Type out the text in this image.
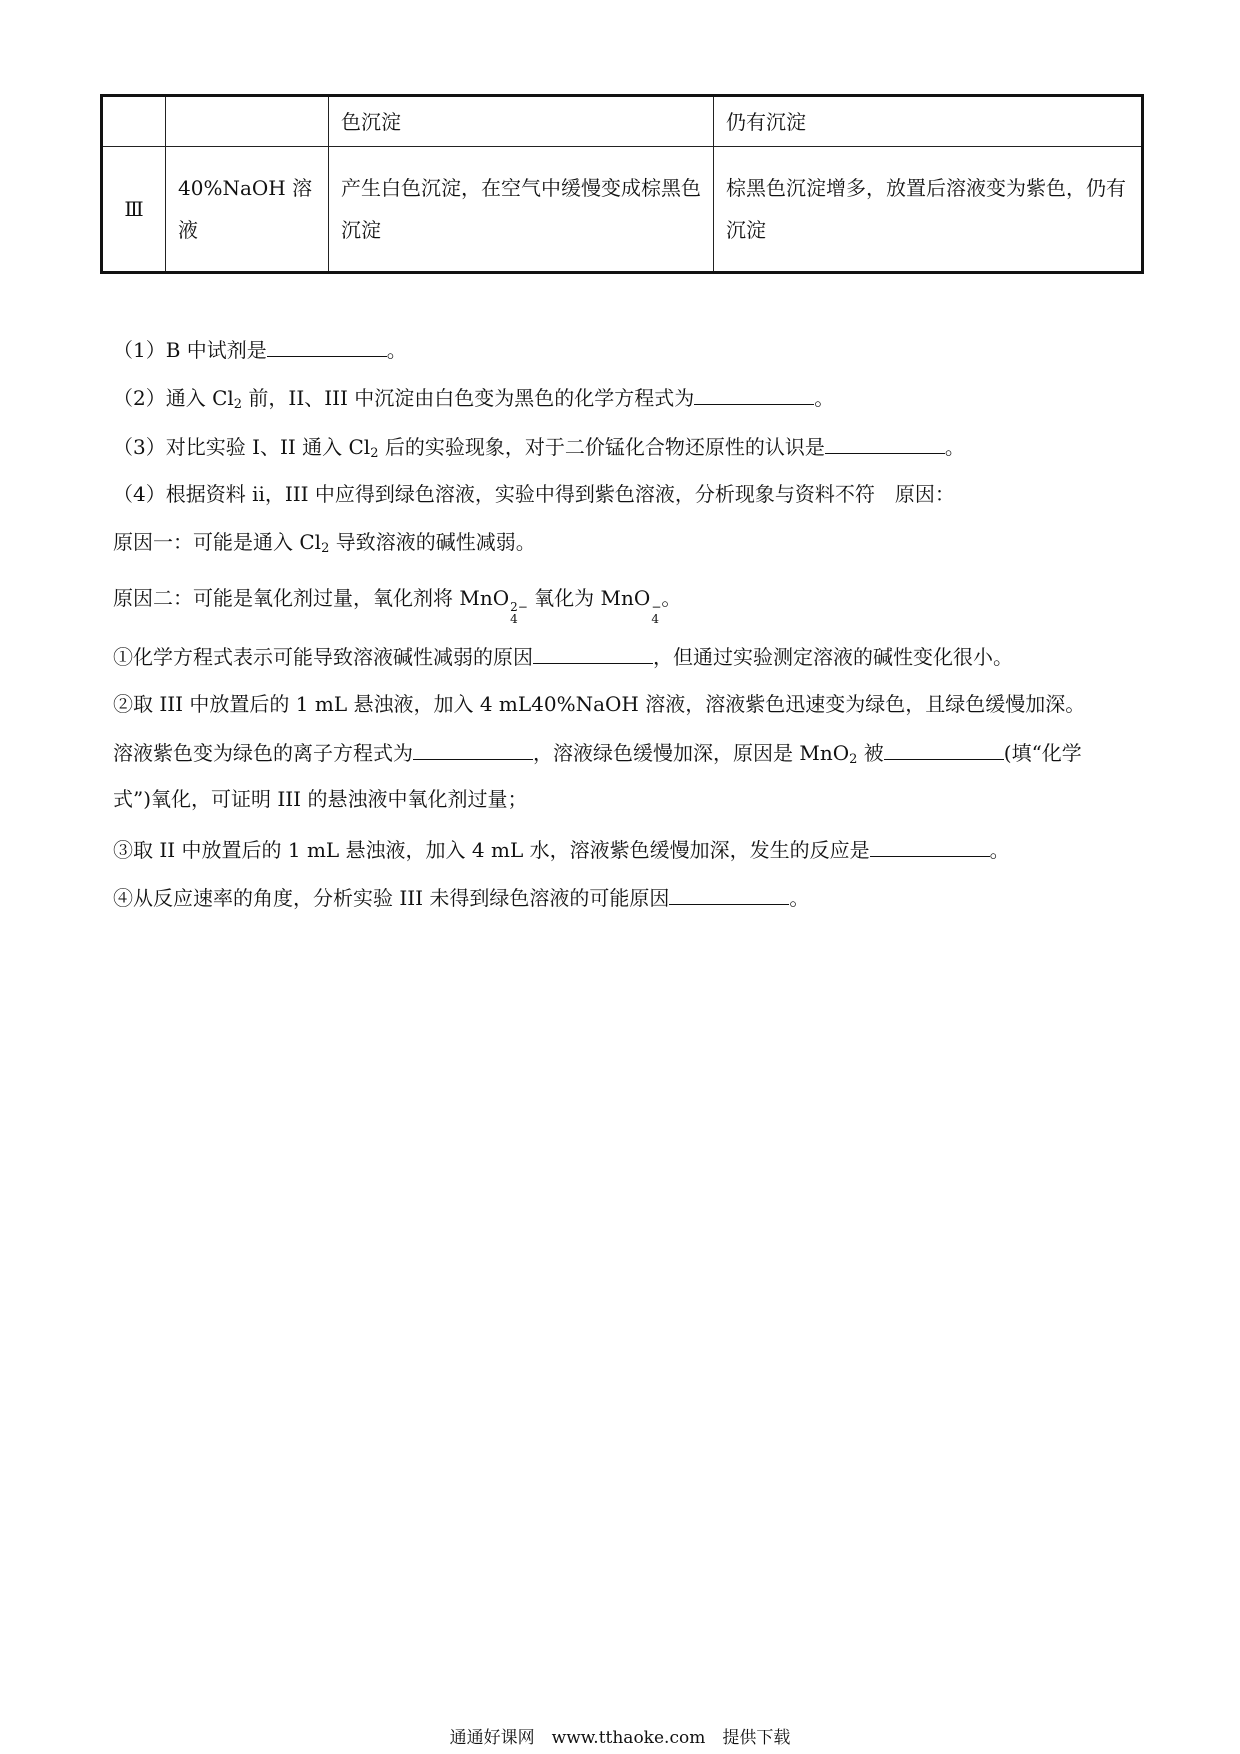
		色沉淀	仍有沉淀
Ⅲ	40%NaOH 溶液	产生白色沉淀，在空气中缓慢变成棕黑色沉淀	棕黑色沉淀增多，放置后溶液变为紫色，仍有沉淀

（1）B 中试剂是	。

（2）通入 $Cl_2$ 前，II、III 中沉淀由白色变为黑色的化学方程式为	。

（3）对比实验 I、II 通入 $Cl_2$ 后的实验现象，对于二价锰化合物还原性的认识是	。

（4）根据资料 ii，III 中应得到绿色溶液，实验中得到紫色溶液，分析现象与资料不符　原因：

原因一：可能是通入 $Cl_2$ 导致溶液的碱性减弱。

原因二：可能是氧化剂过量，氧化剂将 MnO 2−
4
氧化为 MnO −
4
。

①化学方程式表示可能导致溶液碱性减弱的原因	，但通过实验测定溶液的碱性变化很小。

②取 III 中放置后的 1 mL 悬浊液，加入 4 mL40%NaOH 溶液，溶液紫色迅速变为绿色，且绿色缓慢加深。

溶液紫色变为绿色的离子方程式为	，溶液绿色缓慢加深，原因是 MnO$_2$ 被	(填“化学

式”)氧化，可证明 III 的悬浊液中氧化剂过量；

③取 II 中放置后的 1 mL 悬浊液，加入 4 mL 水，溶液紫色缓慢加深，发生的反应是	。

④从反应速率的角度，分析实验 III 未得到绿色溶液的可能原因	。

通通好课网　www.tthaoke.com　提供下载
